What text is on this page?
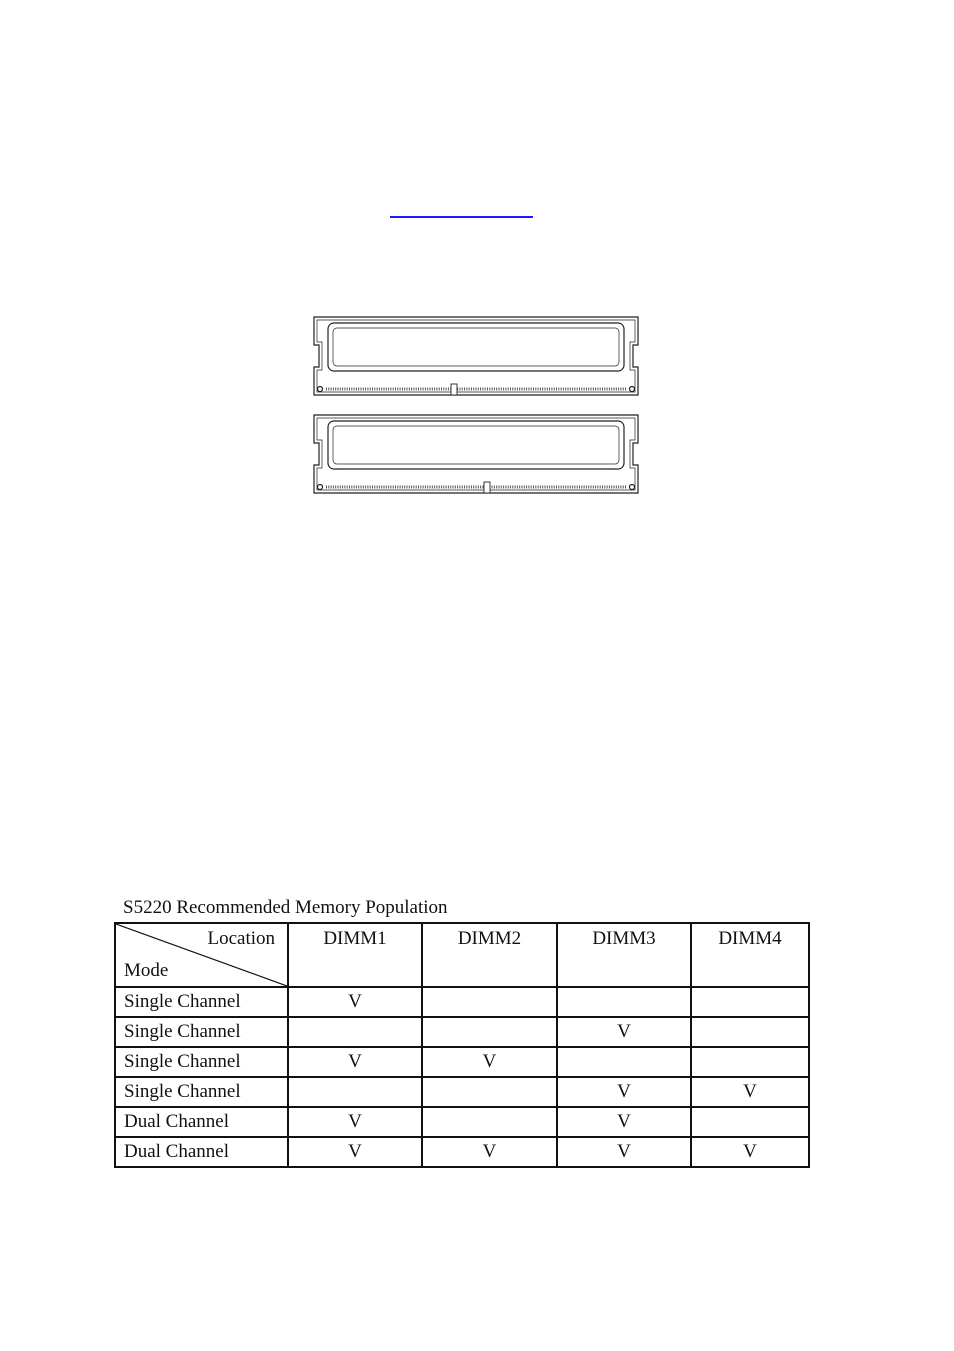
S5220 Recommended Memory Population
Location
Mode	DIMM1	DIMM2	DIMM3	DIMM4
Single Channel	V			
Single Channel			V	
Single Channel	V	V		
Single Channel			V	V
Dual Channel	V		V	
Dual Channel	V	V	V	V
